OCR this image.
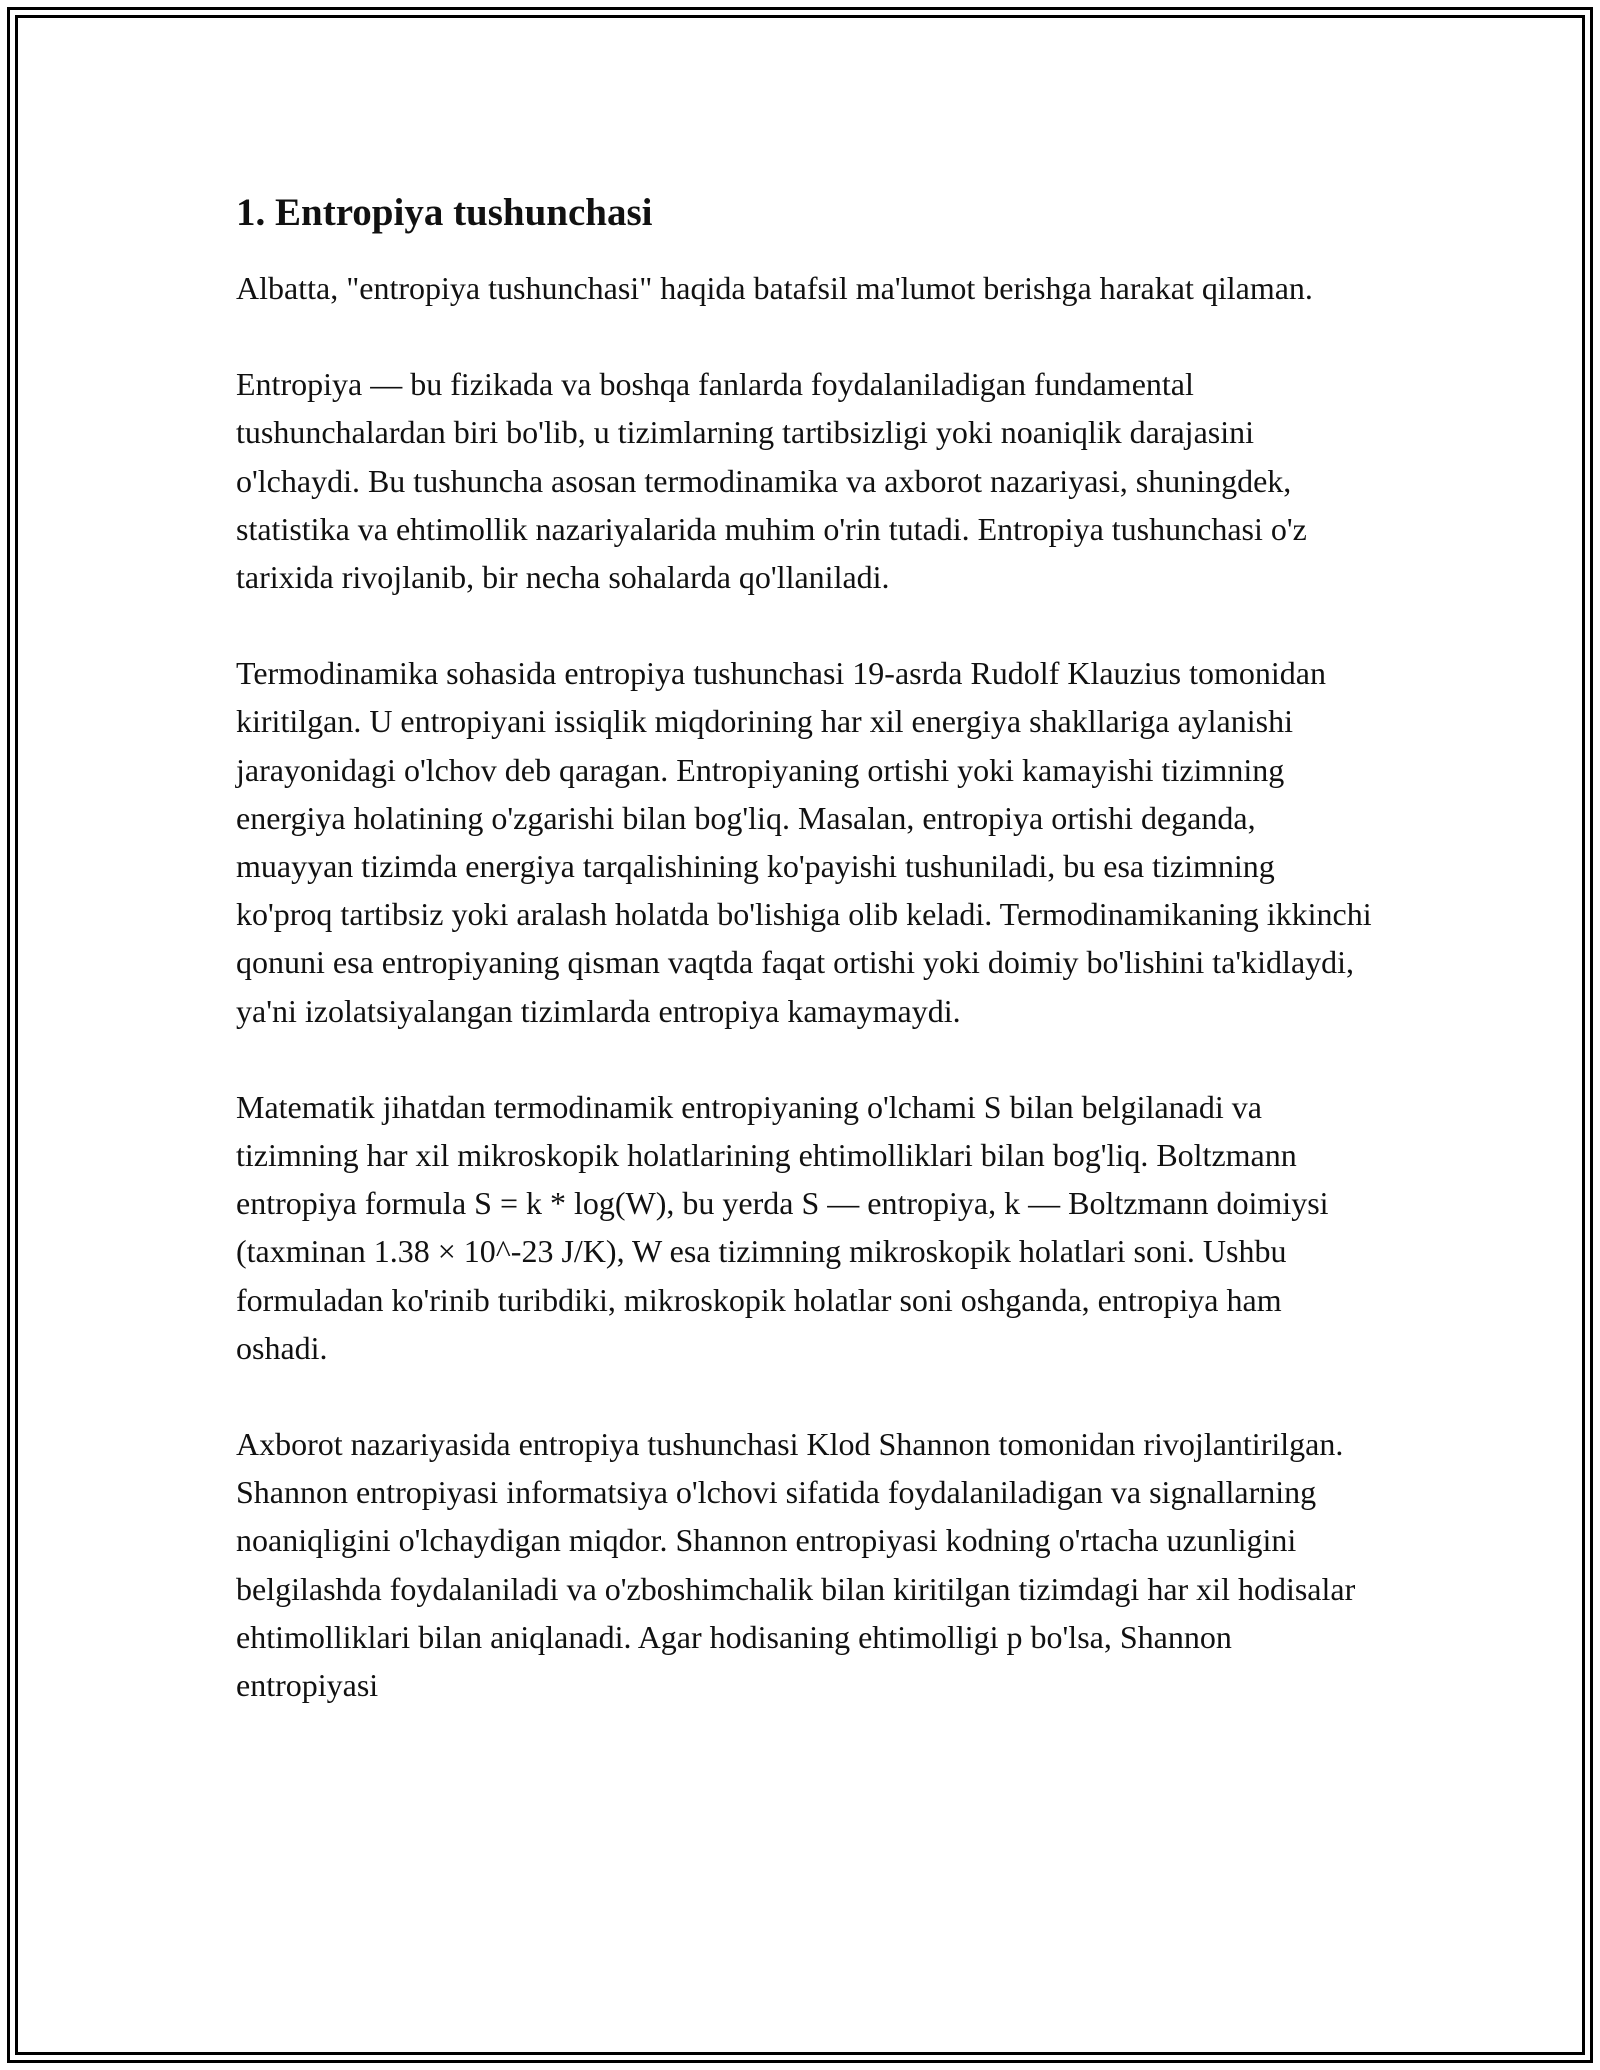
1. Entropiya tushunchasi

Albatta, "entropiya tushunchasi" haqida batafsil ma'lumot berishga harakat qilaman.

Entropiya — bu fizikada va boshqa fanlarda foydalaniladigan fundamental tushunchalardan biri bo'lib, u tizimlarning tartibsizligi yoki noaniqlik darajasini o'lchaydi. Bu tushuncha asosan termodinamika va axborot nazariyasi, shuningdek, statistika va ehtimollik nazariyalarida muhim o'rin tutadi. Entropiya tushunchasi o'z tarixida rivojlanib, bir necha sohalarda qo'llaniladi.

Termodinamika sohasida entropiya tushunchasi 19-asrda Rudolf Klauzius tomonidan kiritilgan. U entropiyani issiqlik miqdorining har xil energiya shakllariga aylanishi jarayonidagi o'lchov deb qaragan. Entropiyaning ortishi yoki kamayishi tizimning energiya holatining o'zgarishi bilan bog'liq. Masalan, entropiya ortishi deganda, muayyan tizimda energiya tarqalishining ko'payishi tushuniladi, bu esa tizimning ko'proq tartibsiz yoki aralash holatda bo'lishiga olib keladi. Termodinamikaning ikkinchi qonuni esa entropiyaning qisman vaqtda faqat ortishi yoki doimiy bo'lishini ta'kidlaydi, ya'ni izolatsiyalangan tizimlarda entropiya kamaymaydi.

Matematik jihatdan termodinamik entropiyaning o'lchami S bilan belgilanadi va tizimning har xil mikroskopik holatlarining ehtimolliklari bilan bog'liq. Boltzmann entropiya formula S = k * log(W), bu yerda S — entropiya, k — Boltzmann doimiysi (taxminan 1.38 × 10^-23 J/K), W esa tizimning mikroskopik holatlari soni. Ushbu formuladan ko'rinib turibdiki, mikroskopik holatlar soni oshganda, entropiya ham oshadi.

Axborot nazariyasida entropiya tushunchasi Klod Shannon tomonidan rivojlantirilgan. Shannon entropiyasi informatsiya o'lchovi sifatida foydalaniladigan va signallarning noaniqligini o'lchaydigan miqdor. Shannon entropiyasi kodning o'rtacha uzunligini belgilashda foydalaniladi va o'zboshimchalik bilan kiritilgan tizimdagi har xil hodisalar ehtimolliklari bilan aniqlanadi. Agar hodisaning ehtimolligi p bo'lsa, Shannon entropiyasi
